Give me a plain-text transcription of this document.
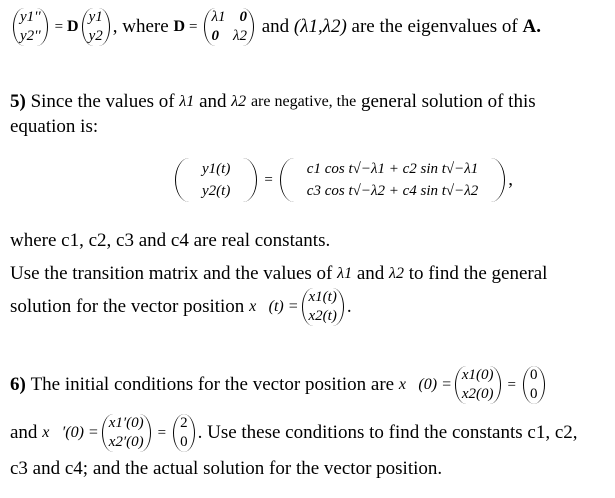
y1''
y2''
= D
y1
y2 , where
D =
λ1 0
0 λ2
and
(λ1,λ2)
are the eigenvalues of
A.
5)
Since the values of
λ1
and
λ2
are negative, the
general solution of this
equation is:
y1(t)
y2(t)
=
c1 cos t√−λ1 + c2 sin t√−λ1
c3 cos t√−λ2 + c4 sin t√−λ2
,
where c1, c2, c3 and c4 are real constants.
Use the transition matrix and the values of
λ1
and
λ2
to find the general
solution for the vector position
x⃗(t) =
x1(t)
x2(t) .
6)
The initial conditions for the vector position are
x⃗(0) =
x1(0)
x2(0)
=
0
0
and
x⃗′(0) =
x1′(0)
x2′(0)
=
2
0 . Use these conditions to find the constants c1, c2,
c3 and c4; and the actual solution for the vector position.
